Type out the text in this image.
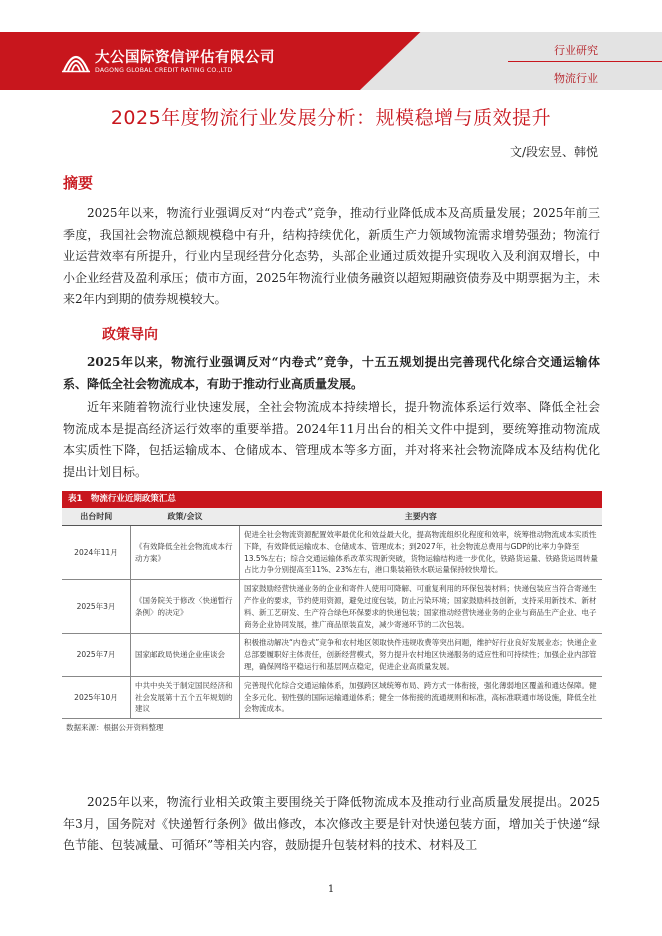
大公国际资信评估有限公司
DAGONG GLOBAL CREDIT RATING CO.,LTD
行业研究
物流行业
2025年度物流行业发展分析：规模稳增与质效提升
文/段宏昱、韩悦
摘要

2025年以来，物流行业强调反对“内卷式”竞争，推动行业降低成本及高质量发展；2025年前三季度，我国社会物流总额规模稳中有升，结构持续优化，新质生产力领域物流需求增势强劲；物流行业运营效率有所提升，行业内呈现经营分化态势，头部企业通过质效提升实现收入及利润双增长，中小企业经营及盈利承压；债市方面，2025年物流行业债务融资以超短期融资债券及中期票据为主，未来2年内到期的债券规模较大。

政策导向

2025年以来，物流行业强调反对“内卷式”竞争，十五五规划提出完善现代化综合交通运输体系、降低全社会物流成本，有助于推动行业高质量发展。

近年来随着物流行业快速发展，全社会物流成本持续增长，提升物流体系运行效率、降低全社会物流成本是提高经济运行效率的重要举措。2024年11月出台的相关文件中提到，要统筹推动物流成本实质性下降，包括运输成本、仓储成本、管理成本等多方面，并对将来社会物流降成本及结构优化提出计划目标。

表1　物流行业近期政策汇总
出台时间	政策/会议	主要内容
2024年11月	《有效降低全社会物流成本行动方案》	促进全社会物流资源配置效率最优化和效益最大化，提高物流组织化程度和效率，统筹推动物流成本实质性下降，有效降低运输成本、仓储成本、管理成本；到2027年，社会物流总费用与GDP的比率力争降至13.5%左右；综合交通运输体系改革实现新突破，货物运输结构进一步优化，铁路货运量、铁路货运周转量占比力争分别提高至11%、23%左右，港口集装箱铁水联运量保持较快增长。
2025年3月	《国务院关于修改〈快递暂行条例〉的决定》	国家鼓励经营快递业务的企业和寄件人使用可降解、可重复利用的环保包装材料；快递包装应当符合寄递生产作业的要求，节约使用资源，避免过度包装，防止污染环境；国家鼓励科技创新，支持采用新技术、新材料、新工艺研发、生产符合绿色环保要求的快递包装；国家推动经营快递业务的企业与商品生产企业、电子商务企业协同发展，推广商品原装直发，减少寄递环节的二次包装。
2025年7月	国家邮政局快递企业座谈会	积极推动解决“内卷式”竞争和农村地区领取快件违规收费等突出问题，维护好行业良好发展业态；快递企业总部要履职好主体责任，创新经营模式，努力提升农村地区快递服务的适应性和可持续性；加强企业内部管理，确保网络平稳运行和基层网点稳定，促进企业高质量发展。
2025年10月	中共中央关于制定国民经济和社会发展第十五个五年规划的建议	完善现代化综合交通运输体系，加强跨区域统筹布局、跨方式一体衔接，强化薄弱地区覆盖和通达保障。健全多元化、韧性强的国际运输通道体系；健全一体衔接的流通规则和标准，高标准联通市场设施，降低全社会物流成本。
数据来源：根据公开资料整理

2025年以来，物流行业相关政策主要围绕关于降低物流成本及推动行业高质量发展提出。2025年3月，国务院对《快递暂行条例》做出修改，本次修改主要是针对快递包装方面，增加关于快递“绿色节能、包装减量、可循环”等相关内容，鼓励提升包装材料的技术、材料及工

1
